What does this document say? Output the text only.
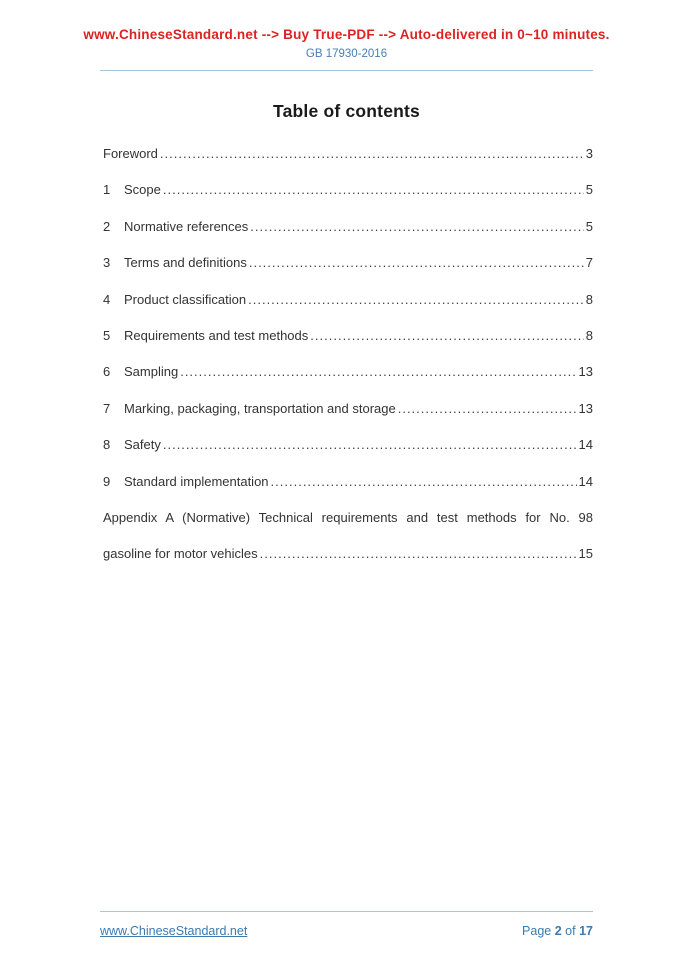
www.ChineseStandard.net --> Buy True-PDF --> Auto-delivered in 0~10 minutes.
GB 17930-2016
Table of contents
Foreword .....	3
1	Scope .....	5
2	Normative references .....	5
3	Terms and definitions .....	7
4	Product classification .....	8
5	Requirements and test methods .....	8
6	Sampling .....	13
7	Marking, packaging, transportation and storage .....	13
8	Safety .....	14
9	Standard implementation .....	14
Appendix A (Normative) Technical requirements and test methods for No. 98
gasoline for motor vehicles .....	15
www.ChineseStandard.net	Page 2 of 17
